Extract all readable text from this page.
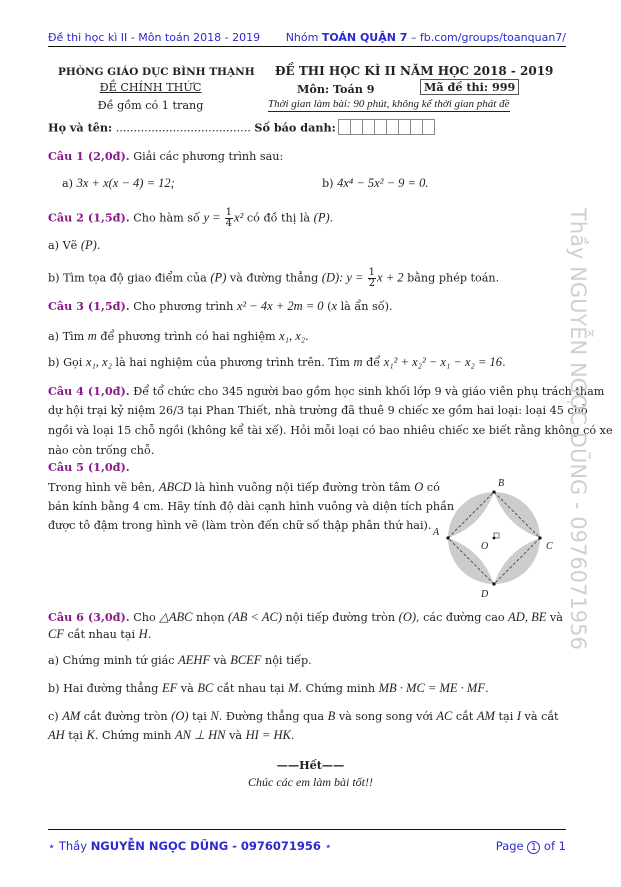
Đề thi học kì II - Môn toán 2018 - 2019 Nhóm TOÁN QUẬN 7 – fb.com/groups/toanquan7/
PHÒNG GIÁO DỤC BÌNH THẠNH
ĐỀ CHÍNH THỨC
Đề gồm có 1 trang
ĐỀ THI HỌC KÌ II NĂM HỌC 2018 - 2019
Môn: Toán 9	Mã đề thi: 999
Thời gian làm bài: 90 phút, không kể thời gian phát đề
Họ và tên: ...................................... Số báo danh:
Câu 1 (2,0đ). Giải các phương trình sau:
a) 3x + x(x − 4) = 12;	b) 4x⁴ − 5x² − 9 = 0.
Câu 2 (1,5đ). Cho hàm số $y = \frac{1}{4} x^2$ có đồ thị là (P).
a) Vẽ (P).
b) Tìm tọa độ giao điểm của (P) và đường thẳng (D): $y = \frac{1}{2}$ x + 2 bằng phép toán.
Câu 3 (1,5đ). Cho phương trình x² − 4x + 2m = 0 (x là ẩn số).
a) Tìm m để phương trình có hai nghiệm x₁, x₂.
b) Gọi x₁, x₂ là hai nghiệm của phương trình trên. Tìm m để x₁² + x₂² − x₁ − x₂ = 16.
Câu 4 (1,0đ). Để tổ chức cho 345 người bao gồm học sinh khối lớp 9 và giáo viên phụ trách tham
dự hội trại kỷ niệm 26/3 tại Phan Thiết, nhà trường đã thuê 9 chiếc xe gồm hai loại: loại 45 chỗ
ngồi và loại 15 chỗ ngồi (không kể tài xế). Hỏi mỗi loại có bao nhiêu chiếc xe biết rằng không có xe
nào còn trống chỗ.
Câu 5 (1,0đ).
Trong hình vẽ bên, ABCD là hình vuông nội tiếp đường tròn tâm O có
bán kính bằng 4 cm. Hãy tính độ dài cạnh hình vuông và diện tích phần
được tô đậm trong hình vẽ (làm tròn đến chữ số thập phân thứ hai).
Câu 6 (3,0đ). Cho △ABC nhọn (AB < AC) nội tiếp đường tròn (O), các đường cao AD, BE và
CF cắt nhau tại H.
a) Chứng minh tứ giác AEHF và BCEF nội tiếp.
b) Hai đường thẳng EF và BC cắt nhau tại M. Chứng minh MB · MC = ME · MF.
c) AM cắt đường tròn (O) tại N. Đường thẳng qua B và song song với AC cắt AM tại I và cắt
AH tại K. Chứng minh AN ⊥ HN và HI = HK.
B
A
C
O
D
——Hết——
Chúc các em làm bài tốt!!
Thầy NGUYỄN NGỌC DŨNG - 0976071956
⋆ Thầy NGUYỄN NGỌC DŨNG - 0976071956 ⋆	Page 1 of 1
